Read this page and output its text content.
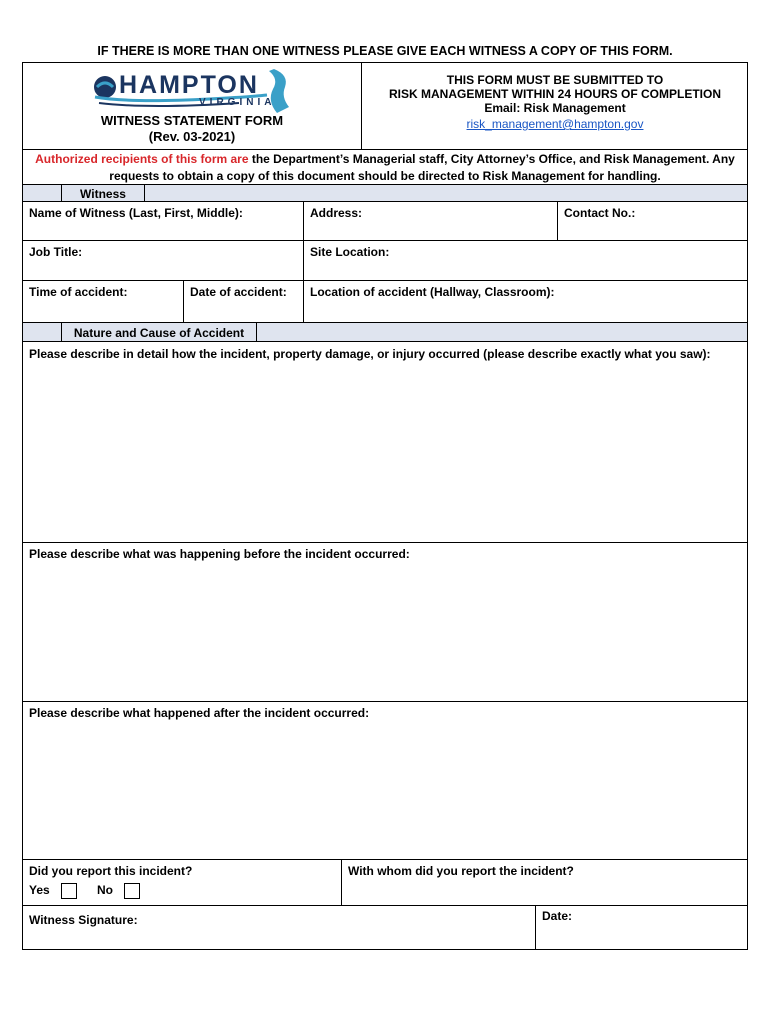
IF THERE IS MORE THAN ONE WITNESS PLEASE GIVE EACH WITNESS A COPY OF THIS FORM.
HAMPTON
VIRGINIA
WITNESS STATEMENT FORM
(Rev. 03-2021)
THIS FORM MUST BE SUBMITTED TO
RISK MANAGEMENT WITHIN 24 HOURS OF COMPLETION
Email: Risk Management
risk_management@hampton.gov
Authorized recipients of this form are the Department’s Managerial staff, City Attorney’s Office, and Risk Management. Any
requests to obtain a copy of this document should be directed to Risk Management for handling.
Witness
Name of Witness (Last, First, Middle):	Address:	Contact No.:
Job Title:	Site Location:
Time of accident:	Date of accident:	Location of accident (Hallway, Classroom):
Nature and Cause of Accident
Please describe in detail how the incident, property damage, or injury occurred (please describe exactly what you saw):
Please describe what was happening before the incident occurred:
Please describe what happened after the incident occurred:
Did you report this incident?
Yes	No
With whom did you report the incident?
Witness Signature:	Date:
